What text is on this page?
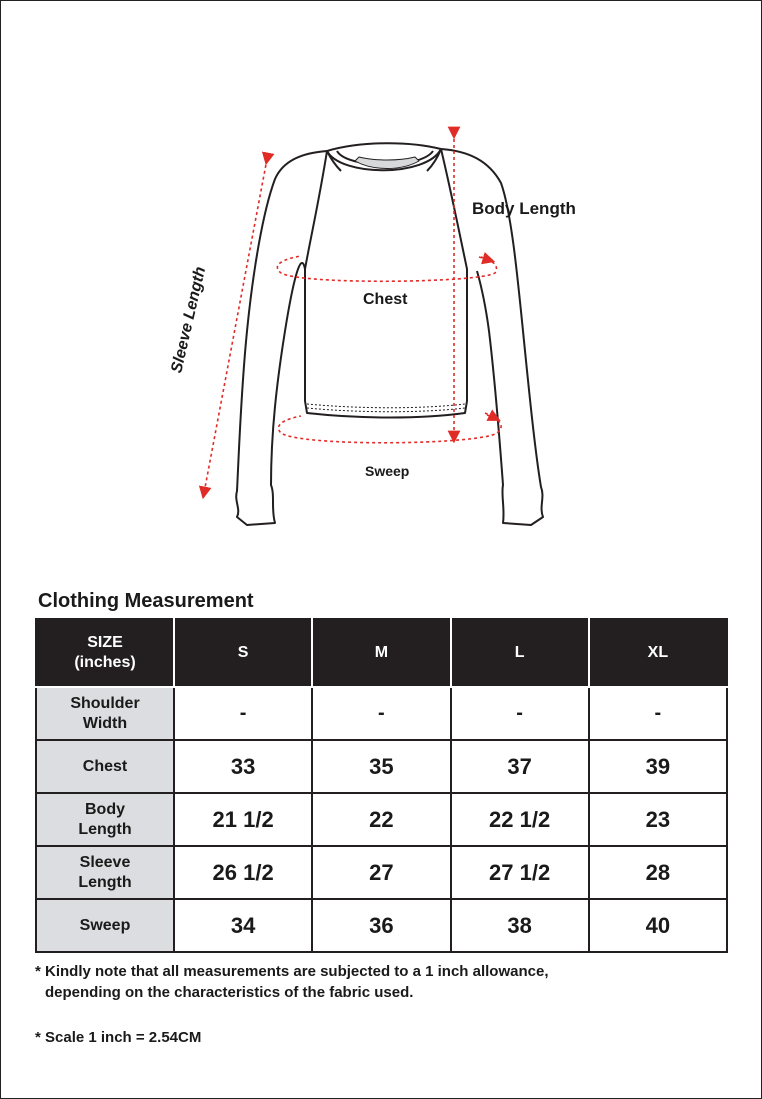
Body Length
Chest
Sleeve Length
Sweep
Clothing Measurement
SIZE
(inches)	S	M	L	XL
Shoulder
Width	-	-	-	-
Chest	33	35	37	39
Body
Length	21 1/2	22	22 1/2	23
Sleeve
Length	26 1/2	27	27 1/2	28
Sweep	34	36	38	40
* Kindly note that all measurements are subjected to a 1 inch allowance,
depending on the characteristics of the fabric used.
* Scale 1 inch = 2.54CM
